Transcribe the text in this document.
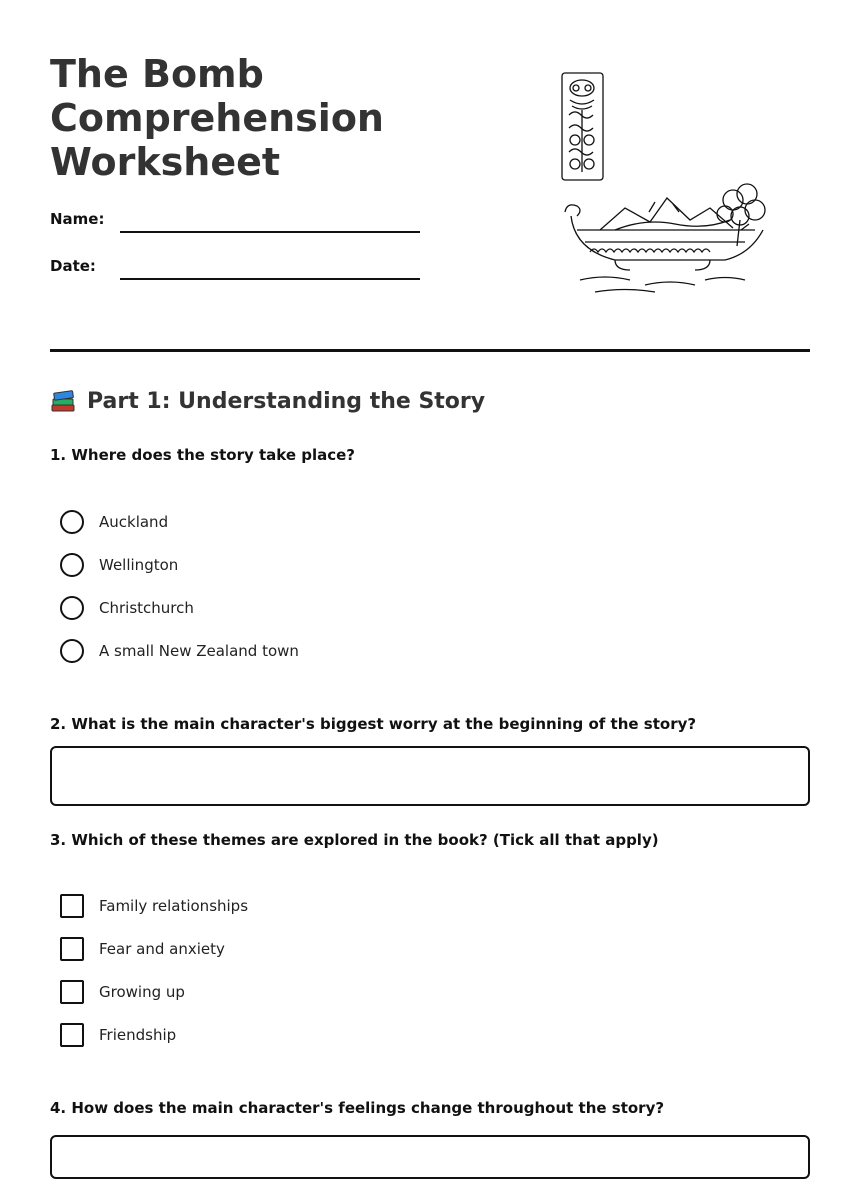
The Bomb
Comprehension
Worksheet
Name:
Date:
Part 1: Understanding the Story

1. Where does the story take place?

Auckland
Wellington
Christchurch
A small New Zealand town

2. What is the main character's biggest worry at the beginning of the story?

3. Which of these themes are explored in the book? (Tick all that apply)

Family relationships
Fear and anxiety
Growing up
Friendship

4. How does the main character's feelings change throughout the story?
